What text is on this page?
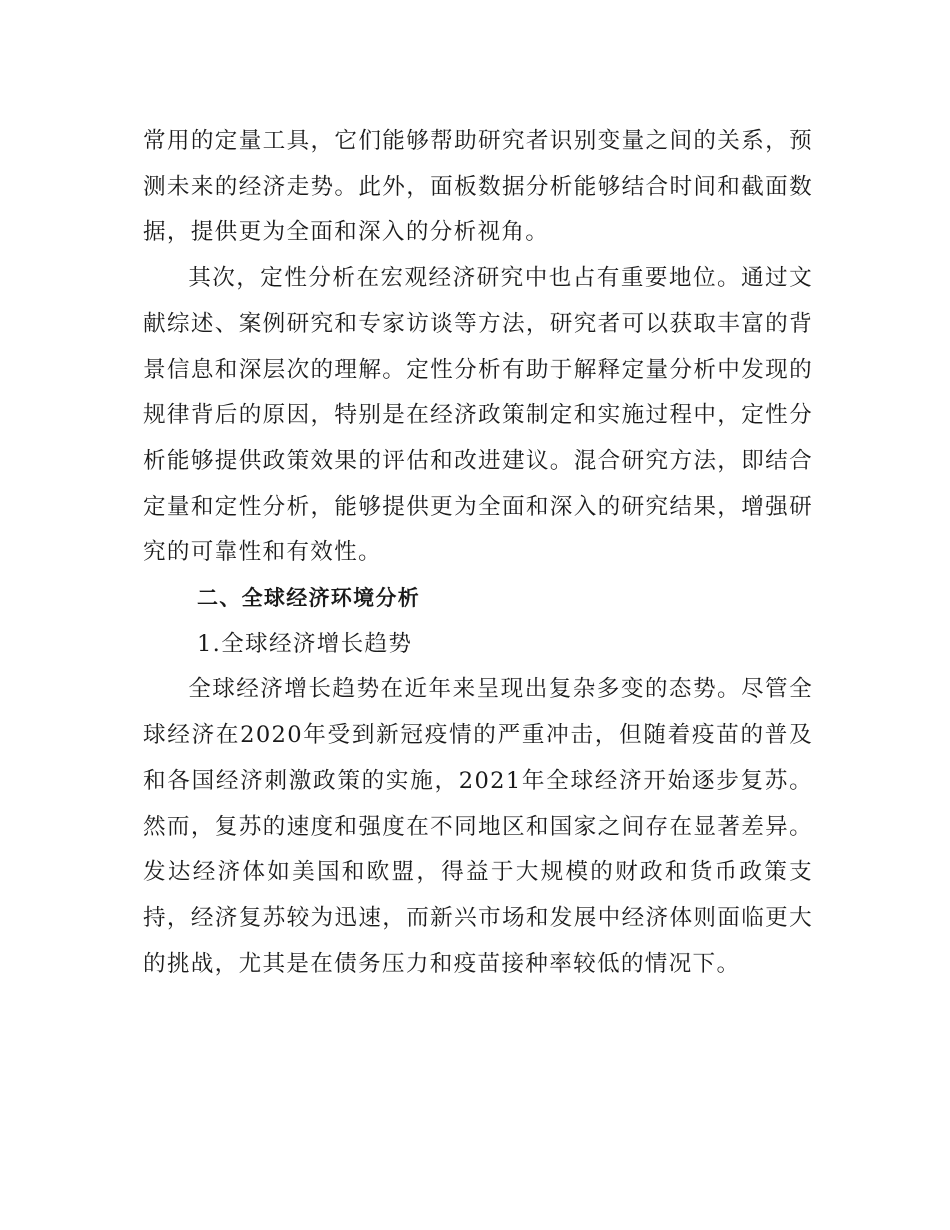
常用的定量工具，它们能够帮助研究者识别变量之间的关系，预测未来的经济走势。此外，面板数据分析能够结合时间和截面数据，提供更为全面和深入的分析视角。

其次，定性分析在宏观经济研究中也占有重要地位。通过文献综述、案例研究和专家访谈等方法，研究者可以获取丰富的背景信息和深层次的理解。定性分析有助于解释定量分析中发现的规律背后的原因，特别是在经济政策制定和实施过程中，定性分析能够提供政策效果的评估和改进建议。混合研究方法，即结合定量和定性分析，能够提供更为全面和深入的研究结果，增强研究的可靠性和有效性。

二、全球经济环境分析

1.全球经济增长趋势

全球经济增长趋势在近年来呈现出复杂多变的态势。尽管全球经济在2020年受到新冠疫情的严重冲击，但随着疫苗的普及和各国经济刺激政策的实施，2021年全球经济开始逐步复苏。然而，复苏的速度和强度在不同地区和国家之间存在显著差异。发达经济体如美国和欧盟，得益于大规模的财政和货币政策支持，经济复苏较为迅速，而新兴市场和发展中经济体则面临更大的挑战，尤其是在债务压力和疫苗接种率较低的情况下。
